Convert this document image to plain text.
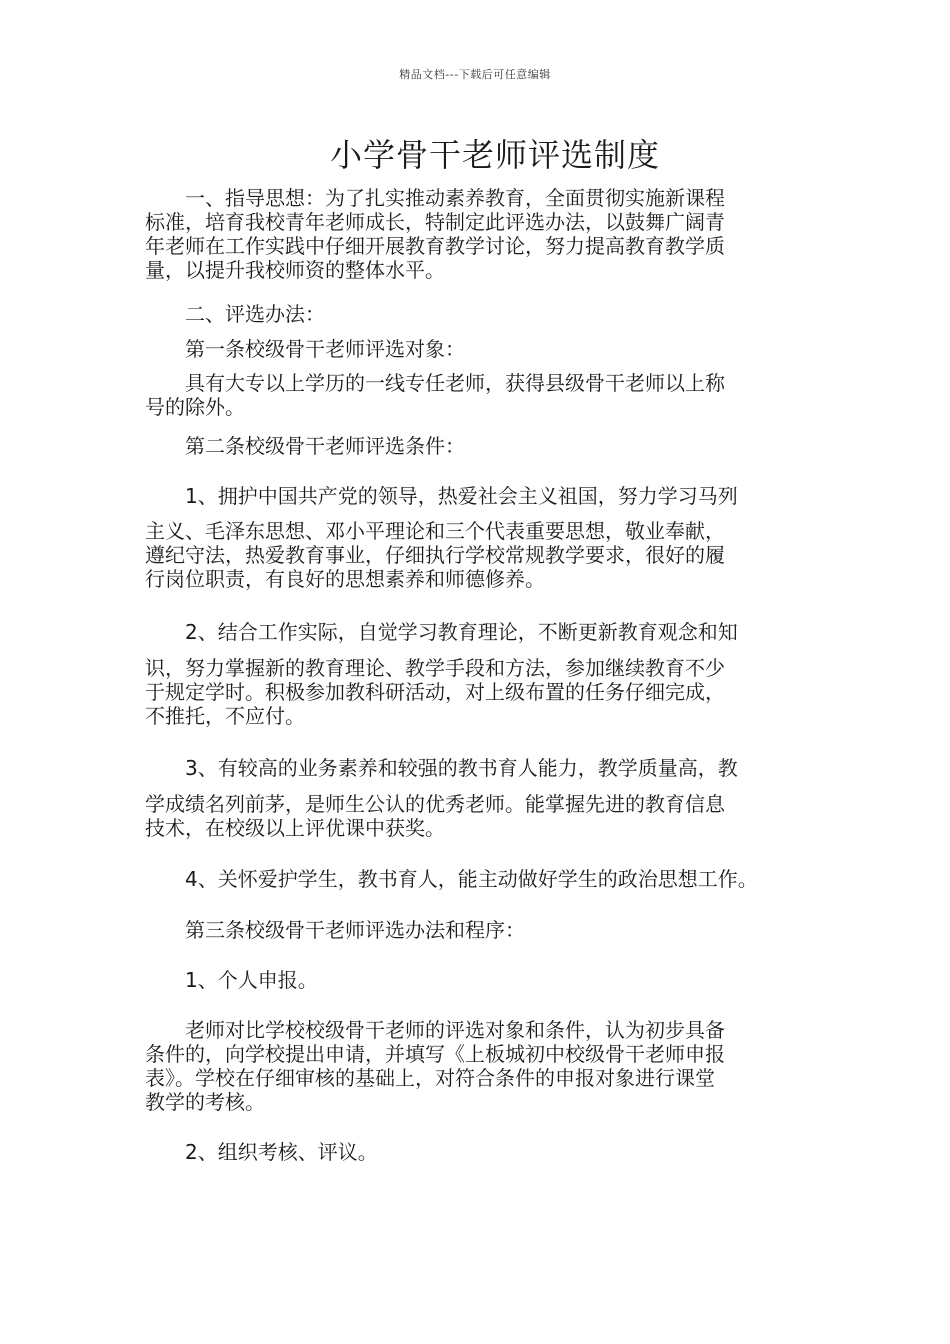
精品文档---下载后可任意编辑
小学骨干老师评选制度
　　一、指导思想：为了扎实推动素养教育，全面贯彻实施新课程
标准，培育我校青年老师成长，特制定此评选办法，以鼓舞广阔青
年老师在工作实践中仔细开展教育教学讨论，努力提高教育教学质
量，以提升我校师资的整体水平。
　　二、评选办法：
　　第一条校级骨干老师评选对象：
　　具有大专以上学历的一线专任老师，获得县级骨干老师以上称
号的除外。
　　第二条校级骨干老师评选条件：
　　1、拥护中国共产党的领导，热爱社会主义祖国，努力学习马列
主义、毛泽东思想、邓小平理论和三个代表重要思想，敬业奉献，
遵纪守法，热爱教育事业，仔细执行学校常规教学要求，很好的履
行岗位职责，有良好的思想素养和师德修养。
　　2、结合工作实际，自觉学习教育理论，不断更新教育观念和知
识，努力掌握新的教育理论、教学手段和方法，参加继续教育不少
于规定学时。积极参加教科研活动，对上级布置的任务仔细完成，
不推托，不应付。
　　3、有较高的业务素养和较强的教书育人能力，教学质量高，教
学成绩名列前茅，是师生公认的优秀老师。能掌握先进的教育信息
技术，在校级以上评优课中获奖。
　　4、关怀爱护学生，教书育人，能主动做好学生的政治思想工作。
　　第三条校级骨干老师评选办法和程序：
　　1、个人申报。
　　老师对比学校校级骨干老师的评选对象和条件，认为初步具备
条件的，向学校提出申请，并填写《上板城初中校级骨干老师申报
表》。学校在仔细审核的基础上，对符合条件的申报对象进行课堂
教学的考核。
　　2、组织考核、评议。
